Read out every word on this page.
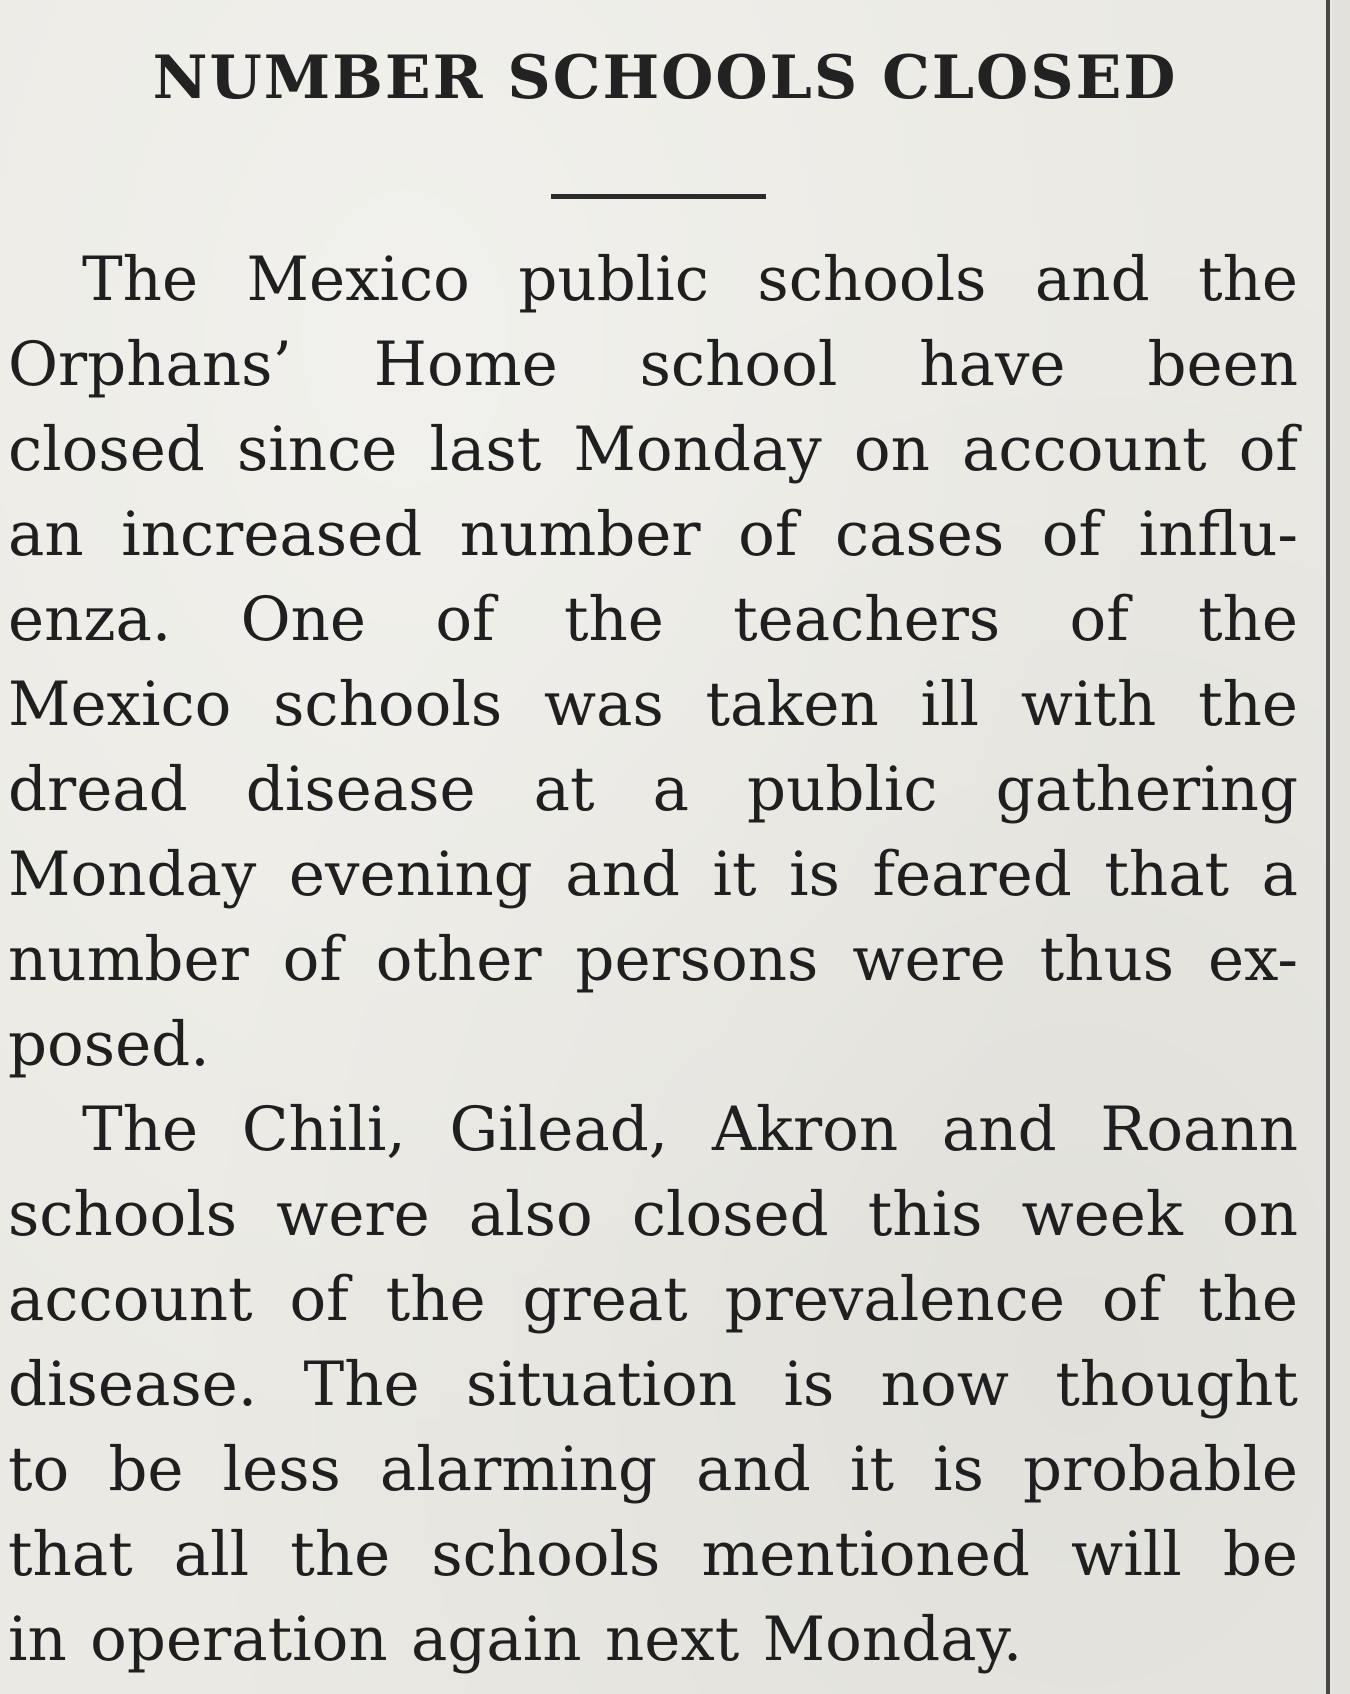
NUMBER SCHOOLS CLOSED

The Mexico public schools and the
Orphans’ Home school have been
closed since last Monday on account of
an increased number of cases of influ-
enza. One of the teachers of the
Mexico schools was taken ill with the
dread disease at a public gathering
Monday evening and it is feared that a
number of other persons were thus ex-
posed.

The Chili, Gilead, Akron and Roann
schools were also closed this week on
account of the great prevalence of the
disease. The situation is now thought
to be less alarming and it is probable
that all the schools mentioned will be
in operation again next Monday.
